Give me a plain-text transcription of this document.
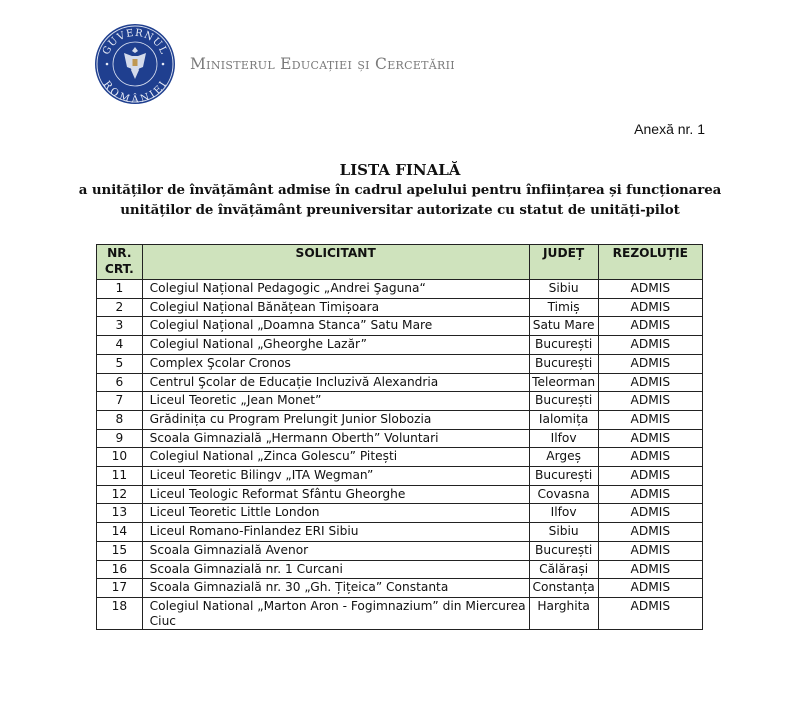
GUVERNUL
ROMÂNIEI
Ministerul Educației și Cercetării
Anexă nr. 1
LISTA FINALĂ
a unităților de învățământ admise în cadrul apelului pentru înființarea și funcționarea
unităților de învățământ preuniversitar autorizate cu statut de unități-pilot
NR. CRT.	SOLICITANT	JUDEȚ	REZOLUȚIE
1	Colegiul Național Pedagogic „Andrei Şaguna“	Sibiu	ADMIS
2	Colegiul Național Bănățean Timișoara	Timiș	ADMIS
3	Colegiul Național „Doamna Stanca” Satu Mare	Satu Mare	ADMIS
4	Colegiul National „Gheorghe Lazăr”	București	ADMIS
5	Complex Şcolar Cronos	București	ADMIS
6	Centrul Şcolar de Educație Incluzivă Alexandria	Teleorman	ADMIS
7	Liceul Teoretic „Jean Monet”	București	ADMIS
8	Grădinița cu Program Prelungit Junior Slobozia	Ialomița	ADMIS
9	Scoala Gimnazială „Hermann Oberth” Voluntari	Ilfov	ADMIS
10	Colegiul National „Zinca Golescu” Pitești	Argeș	ADMIS
11	Liceul Teoretic Bilingv „ITA Wegman”	București	ADMIS
12	Liceul Teologic Reformat Sfântu Gheorghe	Covasna	ADMIS
13	Liceul Teoretic Little London	Ilfov	ADMIS
14	Liceul Romano-Finlandez ERI Sibiu	Sibiu	ADMIS
15	Scoala Gimnazială Avenor	București	ADMIS
16	Scoala Gimnazială nr. 1 Curcani	Călărași	ADMIS
17	Scoala Gimnazială nr. 30 „Gh. Țițeica” Constanta	Constanța	ADMIS
18	Colegiul National „Marton Aron - Fogimnazium” din Miercurea Ciuc	Harghita	ADMIS
